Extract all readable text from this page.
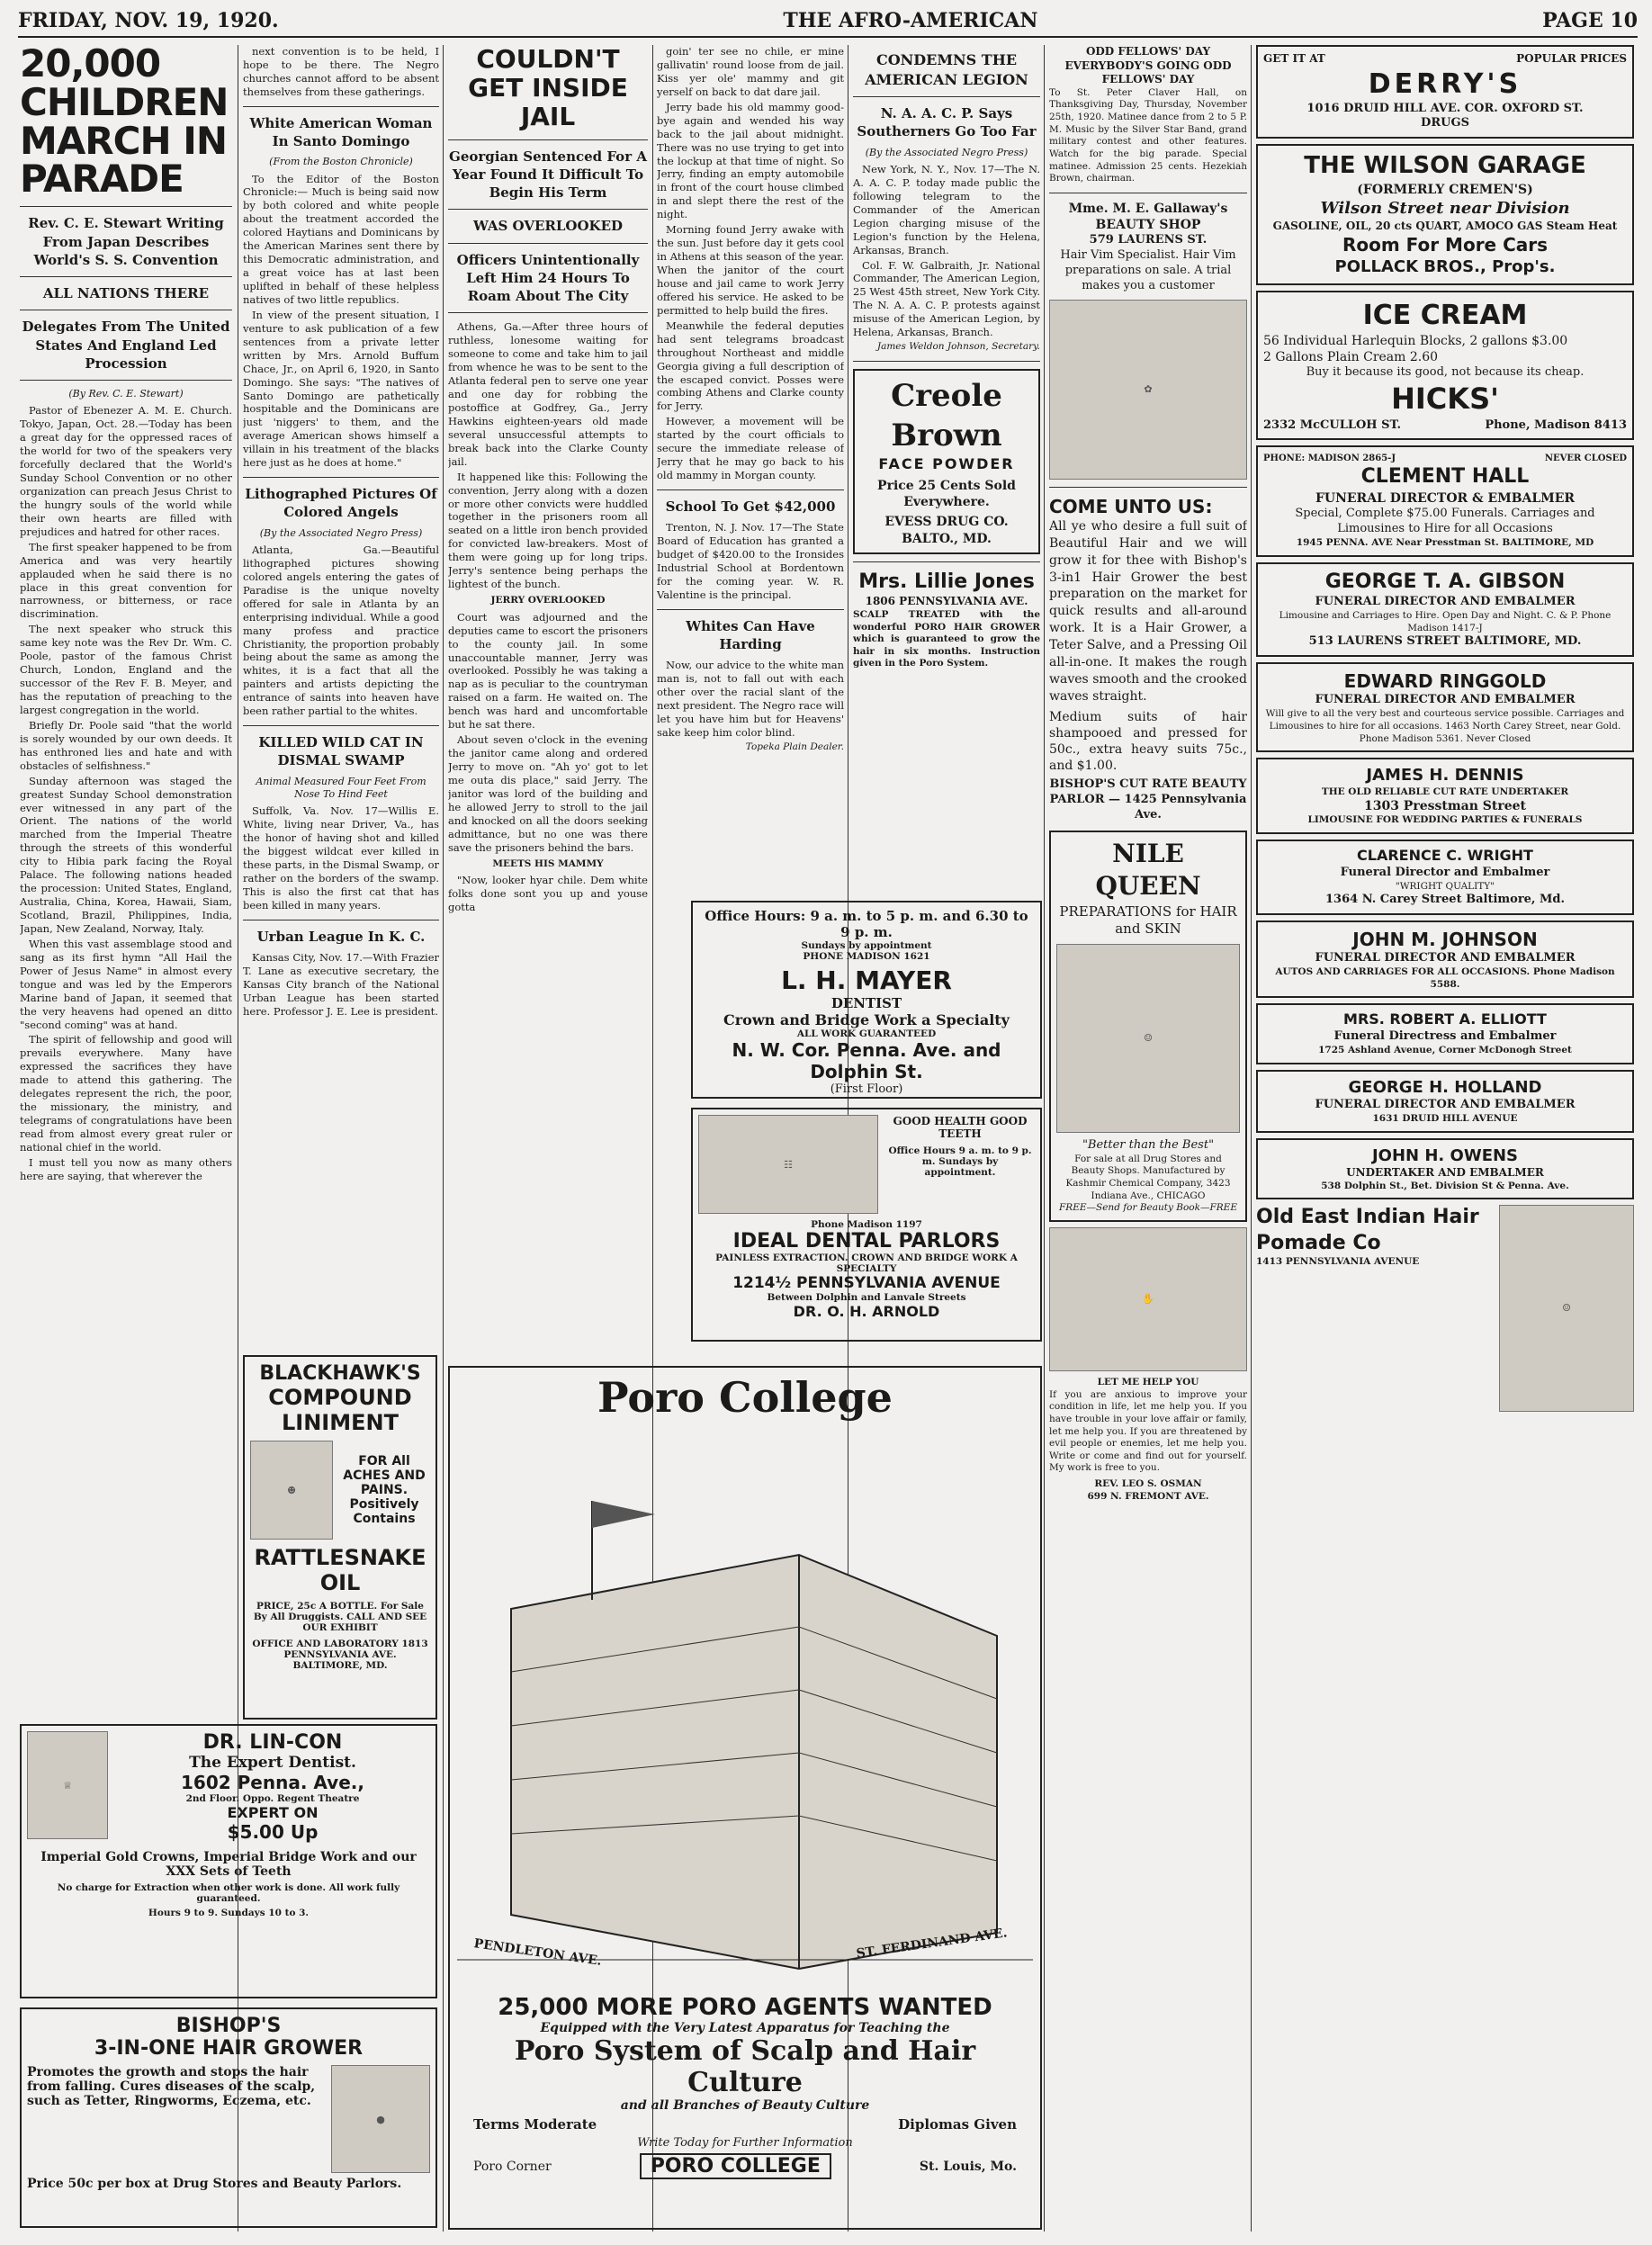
FRIDAY, NOV. 19, 1920.	THE AFRO-AMERICAN	PAGE 10
20,000 CHILDREN MARCH IN PARADE
Rev. C. E. Stewart Writing From Japan Describes World's S. S. Convention
ALL NATIONS THERE
Delegates From The United States And England Led Procession
(By Rev. C. E. Stewart)

Pastor of Ebenezer A. M. E. Church. Tokyo, Japan, Oct. 28.—Today has been a great day for the oppressed races of the world for two of the speakers very forcefully declared that the World's Sunday School Convention or no other organization can preach Jesus Christ to the hungry souls of the world while their own hearts are filled with prejudices and hatred for other races.

The first speaker happened to be from America and was very heartily applauded when he said there is no place in this great convention for narrowness, or bitterness, or race discrimination.

The next speaker who struck this same key note was the Rev Dr. Wm. C. Poole, pastor of the famous Christ Church, London, England and the successor of the Rev F. B. Meyer, and has the reputation of preaching to the largest congregation in the world.

Briefly Dr. Poole said "that the world is sorely wounded by our own deeds. It has enthroned lies and hate and with obstacles of selfishness."

Sunday afternoon was staged the greatest Sunday School demonstration ever witnessed in any part of the Orient. The nations of the world marched from the Imperial Theatre through the streets of this wonderful city to Hibia park facing the Royal Palace. The following nations headed the procession: United States, England, Australia, China, Korea, Hawaii, Siam, Scotland, Brazil, Philippines, India, Japan, New Zealand, Norway, Italy.

When this vast assemblage stood and sang as its first hymn "All Hail the Power of Jesus Name" in almost every tongue and was led by the Emperors Marine band of Japan, it seemed that the very heavens had opened an ditto "second coming" was at hand.

The spirit of fellowship and good will prevails everywhere. Many have expressed the sacrifices they have made to attend this gathering. The delegates represent the rich, the poor, the missionary, the ministry, and telegrams of congratulations have been read from almost every great ruler or national chief in the world.

I must tell you now as many others here are saying, that wherever the

next convention is to be held, I hope to be there. The Negro churches cannot afford to be absent themselves from these gatherings.

White American Woman In Santo Domingo
(From the Boston Chronicle)

To the Editor of the Boston Chronicle:— Much is being said now by both colored and white people about the treatment accorded the colored Haytians and Dominicans by the American Marines sent there by this Democratic administration, and a great voice has at last been uplifted in behalf of these helpless natives of two little republics.

In view of the present situation, I venture to ask publication of a few sentences from a private letter written by Mrs. Arnold Buffum Chace, Jr., on April 6, 1920, in Santo Domingo. She says: "The natives of Santo Domingo are pathetically hospitable and the Dominicans are just 'niggers' to them, and the average American shows himself a villain in his treatment of the blacks here just as he does at home."

Lithographed Pictures Of Colored Angels
(By the Associated Negro Press)

Atlanta, Ga.—Beautiful lithographed pictures showing colored angels entering the gates of Paradise is the unique novelty offered for sale in Atlanta by an enterprising individual. While a good many profess and practice Christianity, the proportion probably being about the same as among the whites, it is a fact that all the painters and artists depicting the entrance of saints into heaven have been rather partial to the whites.

KILLED WILD CAT IN DISMAL SWAMP
Animal Measured Four Feet From Nose To Hind Feet

Suffolk, Va. Nov. 17—Willis E. White, living near Driver, Va., has the honor of having shot and killed the biggest wildcat ever killed in these parts, in the Dismal Swamp, or rather on the borders of the swamp. This is also the first cat that has been killed in many years.

Urban League In K. C.

Kansas City, Nov. 17.—With Frazier T. Lane as executive secretary, the Kansas City branch of the National Urban League has been started here. Professor J. E. Lee is president.

BLACKHAWK'S
COMPOUND LINIMENT
☻
FOR All ACHES AND PAINS. Positively Contains
RATTLESNAKE OIL
PRICE, 25c A BOTTLE. For Sale By All Druggists. CALL AND SEE OUR EXHIBIT
OFFICE AND LABORATORY 1813 PENNSYLVANIA AVE. BALTIMORE, MD.
COULDN'T GET INSIDE JAIL
Georgian Sentenced For A Year Found It Difficult To Begin His Term
WAS OVERLOOKED
Officers Unintentionally Left Him 24 Hours To Roam About The City

Athens, Ga.—After three hours of ruthless, lonesome waiting for someone to come and take him to jail from whence he was to be sent to the Atlanta federal pen to serve one year and one day for robbing the postoffice at Godfrey, Ga., Jerry Hawkins eighteen-years old made several unsuccessful attempts to break back into the Clarke County jail.

It happened like this: Following the convention, Jerry along with a dozen or more other convicts were huddled together in the prisoners room all seated on a little iron bench provided for convicted law-breakers. Most of them were going up for long trips. Jerry's sentence being perhaps the lightest of the bunch.

JERRY OVERLOOKED

Court was adjourned and the deputies came to escort the prisoners to the county jail. In some unaccountable manner, Jerry was overlooked. Possibly he was taking a nap as is peculiar to the countryman raised on a farm. He waited on. The bench was hard and uncomfortable but he sat there.

About seven o'clock in the evening the janitor came along and ordered Jerry to move on. "Ah yo' got to let me outa dis place," said Jerry. The janitor was lord of the building and he allowed Jerry to stroll to the jail and knocked on all the doors seeking admittance, but no one was there save the prisoners behind the bars.

MEETS HIS MAMMY

"Now, looker hyar chile. Dem white folks done sont you up and youse gotta

goin' ter see no chile, er mine gallivatin' round loose from de jail. Kiss yer ole' mammy and git yerself on back to dat dare jail.

Jerry bade his old mammy good-bye again and wended his way back to the jail about midnight. There was no use trying to get into the lockup at that time of night. So Jerry, finding an empty automobile in front of the court house climbed in and slept there the rest of the night.

Morning found Jerry awake with the sun. Just before day it gets cool in Athens at this season of the year. When the janitor of the court house and jail came to work Jerry offered his service. He asked to be permitted to help build the fires.

Meanwhile the federal deputies had sent telegrams broadcast throughout Northeast and middle Georgia giving a full description of the escaped convict. Posses were combing Athens and Clarke county for Jerry.

However, a movement will be started by the court officials to secure the immediate release of Jerry that he may go back to his old mammy in Morgan county.

School To Get $42,000

Trenton, N. J. Nov. 17—The State Board of Education has granted a budget of $420.00 to the Ironsides Industrial School at Bordentown for the coming year. W. R. Valentine is the principal.

Whites Can Have Harding

Now, our advice to the white man man is, not to fall out with each other over the racial slant of the next president. The Negro race will let you have him but for Heavens' sake keep him color blind.

Topeka Plain Dealer.
CONDEMNS THE AMERICAN LEGION
N. A. A. C. P. Says Southerners Go Too Far
(By the Associated Negro Press)

New York, N. Y., Nov. 17—The N. A. A. C. P. today made public the following telegram to the Commander of the American Legion charging misuse of the Legion's function by the Helena, Arkansas, Branch.

Col. F. W. Galbraith, Jr. National Commander, The American Legion, 25 West 45th street, New York City. The N. A. A. C. P. protests against misuse of the American Legion, by Helena, Arkansas, Branch.

James Weldon Johnson, Secretary.
Creole Brown
FACE POWDER
Price 25 Cents Sold Everywhere.
EVESS DRUG CO. BALTO., MD.
Mrs. Lillie Jones
1806 PENNSYLVANIA AVE.
SCALP TREATED with the wonderful PORO HAIR GROWER which is guaranteed to grow the hair in six months. Instruction given in the Poro System.
Office Hours: 9 a. m. to 5 p. m. and 6.30 to 9 p. m.
Sundays by appointment
PHONE MADISON 1621
L. H. MAYER
DENTIST
Crown and Bridge Work a Specialty
ALL WORK GUARANTEED
N. W. Cor. Penna. Ave. and Dolphin St.
(First Floor)
☷
GOOD HEALTH GOOD TEETH
Office Hours 9 a. m. to 9 p. m. Sundays by appointment.
Phone Madison 1197
IDEAL DENTAL PARLORS
PAINLESS EXTRACTION. CROWN AND BRIDGE WORK A SPECIALTY
1214½ PENNSYLVANIA AVENUE
Between Dolphin and Lanvale Streets
DR. O. H. ARNOLD
Poro College
PENDLETON AVE.	ST. FERDINAND AVE.
25,000 MORE PORO AGENTS WANTED
Equipped with the Very Latest Apparatus for Teaching the
Poro System of Scalp and Hair Culture
and all Branches of Beauty Culture
Terms Moderate	Diplomas Given
Write Today for Further Information
Poro Corner	PORO COLLEGE	St. Louis, Mo.
♕
DR. LIN-CON
The Expert Dentist.
1602 Penna. Ave.,
2nd Floor. Oppo. Regent Theatre
EXPERT ON
$5.00 Up
Imperial Gold Crowns, Imperial Bridge Work and our XXX Sets of Teeth
No charge for Extraction when other work is done. All work fully guaranteed.
Hours 9 to 9. Sundays 10 to 3.
BISHOP'S
3-IN-ONE HAIR GROWER
Promotes the growth and stops the hair from falling. Cures diseases of the scalp, such as Tetter, Ringworms, Eczema, etc.
●
Price 50c per box at Drug Stores and Beauty Parlors.
ODD FELLOWS' DAY EVERYBODY'S GOING ODD FELLOWS' DAY
To St. Peter Claver Hall, on Thanksgiving Day, Thursday, November 25th, 1920. Matinee dance from 2 to 5 P. M. Music by the Silver Star Band, grand military contest and other features. Watch for the big parade. Special matinee. Admission 25 cents. Hezekiah Brown, chairman.
Mme. M. E. Gallaway's BEAUTY SHOP
579 LAURENS ST.
Hair Vim Specialist. Hair Vim preparations on sale. A trial makes you a customer
✿
COME UNTO US:
All ye who desire a full suit of Beautiful Hair and we will grow it for thee with Bishop's 3-in1 Hair Grower the best preparation on the market for quick results and all-around work. It is a Hair Grower, a Teter Salve, and a Pressing Oil all-in-one. It makes the rough waves smooth and the crooked waves straight.
Medium suits of hair shampooed and pressed for 50c., extra heavy suits 75c., and $1.00.
BISHOP'S CUT RATE BEAUTY PARLOR — 1425 Pennsylvania Ave.
NILE QUEEN
PREPARATIONS for HAIR and SKIN
☺
"Better than the Best"
For sale at all Drug Stores and Beauty Shops. Manufactured by Kashmir Chemical Company, 3423 Indiana Ave., CHICAGO
FREE—Send for Beauty Book—FREE
✋
LET ME HELP YOU
If you are anxious to improve your condition in life, let me help you. If you have trouble in your love affair or family, let me help you. If you are threatened by evil people or enemies, let me help you. Write or come and find out for yourself. My work is free to you.
REV. LEO S. OSMAN
699 N. FREMONT AVE.
GET IT AT	POPULAR PRICES
DERRY'S
1016 DRUID HILL AVE. COR. OXFORD ST.
DRUGS
THE WILSON GARAGE
(FORMERLY CREMEN'S)
Wilson Street near Division
GASOLINE, OIL, 20 cts QUART, AMOCO GAS Steam Heat
Room For More Cars
POLLACK BROS., Prop's.
ICE CREAM
56 Individual Harlequin Blocks, 2 gallons $3.00
2 Gallons Plain Cream 2.60
Buy it because its good, not because its cheap.
HICKS'
2332 McCULLOH ST.	Phone, Madison 8413
PHONE: MADISON 2865-J	NEVER CLOSED
CLEMENT HALL
FUNERAL DIRECTOR & EMBALMER
Special, Complete $75.00 Funerals. Carriages and Limousines to Hire for all Occasions
1945 PENNA. AVE Near Presstman St. BALTIMORE, MD
GEORGE T. A. GIBSON
FUNERAL DIRECTOR AND EMBALMER
Limousine and Carriages to Hire. Open Day and Night. C. & P. Phone Madison 1417-J
513 LAURENS STREET BALTIMORE, MD.
EDWARD RINGGOLD
FUNERAL DIRECTOR AND EMBALMER
Will give to all the very best and courteous service possible. Carriages and Limousines to hire for all occasions. 1463 North Carey Street, near Gold. Phone Madison 5361. Never Closed
JAMES H. DENNIS
THE OLD RELIABLE CUT RATE UNDERTAKER
1303 Presstman Street
LIMOUSINE FOR WEDDING PARTIES & FUNERALS
CLARENCE C. WRIGHT
Funeral Director and Embalmer
"WRIGHT QUALITY"
1364 N. Carey Street Baltimore, Md.
JOHN M. JOHNSON
FUNERAL DIRECTOR AND EMBALMER
AUTOS AND CARRIAGES FOR ALL OCCASIONS. Phone Madison 5588.
MRS. ROBERT A. ELLIOTT
Funeral Directress and Embalmer
1725 Ashland Avenue, Corner McDonogh Street
GEORGE H. HOLLAND
FUNERAL DIRECTOR AND EMBALMER
1631 DRUID HILL AVENUE
JOHN H. OWENS
UNDERTAKER AND EMBALMER
538 Dolphin St., Bet. Division St & Penna. Ave.
Old East Indian Hair Pomade Co
1413 PENNSYLVANIA AVENUE
☺
